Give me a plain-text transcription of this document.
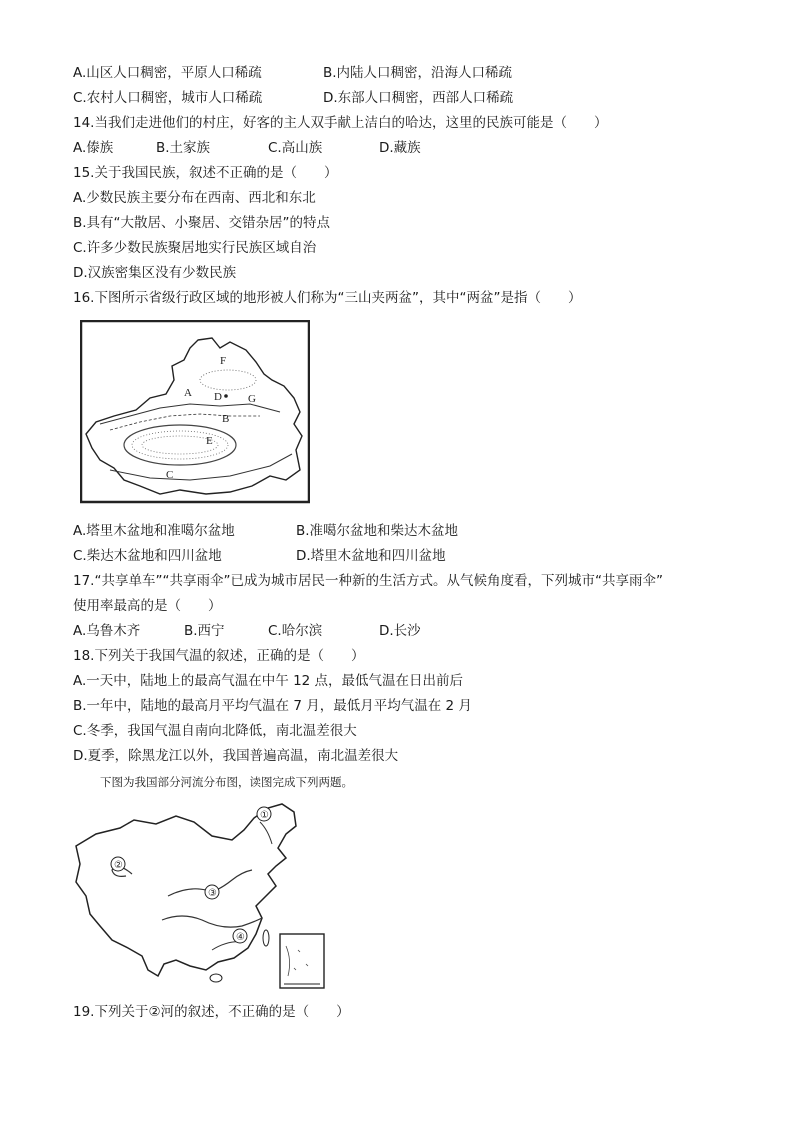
A.山区人口稠密，平原人口稀疏	B.内陆人口稠密，沿海人口稀疏
C.农村人口稠密，城市人口稀疏	D.东部人口稠密，西部人口稀疏
14.当我们走进他们的村庄，好客的主人双手献上洁白的哈达，这里的民族可能是（　　）
A.傣族	B.土家族	C.高山族	D.藏族
15.关于我国民族，叙述不正确的是（　　）
A.少数民族主要分布在西南、西北和东北
B.具有“大散居、小聚居、交错杂居”的特点
C.许多少数民族聚居地实行民族区域自治
D.汉族密集区没有少数民族
16.下图所示省级行政区域的地形被人们称为“三山夹两盆”，其中“两盆”是指（　　）
F
A D G
B
E
C
A.塔里木盆地和准噶尔盆地	B.准噶尔盆地和柴达木盆地
C.柴达木盆地和四川盆地	D.塔里木盆地和四川盆地
17.“共享单车”“共享雨伞”已成为城市居民一种新的生活方式。从气候角度看，下列城市“共享雨伞”
使用率最高的是（　　）
A.乌鲁木齐	B.西宁	C.哈尔滨	D.长沙
18.下列关于我国气温的叙述，正确的是（　　）
A.一天中，陆地上的最高气温在中午 12 点，最低气温在日出前后
B.一年中，陆地的最高月平均气温在 7 月，最低月平均气温在 2 月
C.冬季，我国气温自南向北降低，南北温差很大
D.夏季，除黑龙江以外，我国普遍高温，南北温差很大
下图为我国部分河流分布图，读图完成下列两题。
①
②
③
④
19.下列关于②河的叙述，不正确的是（　　）
